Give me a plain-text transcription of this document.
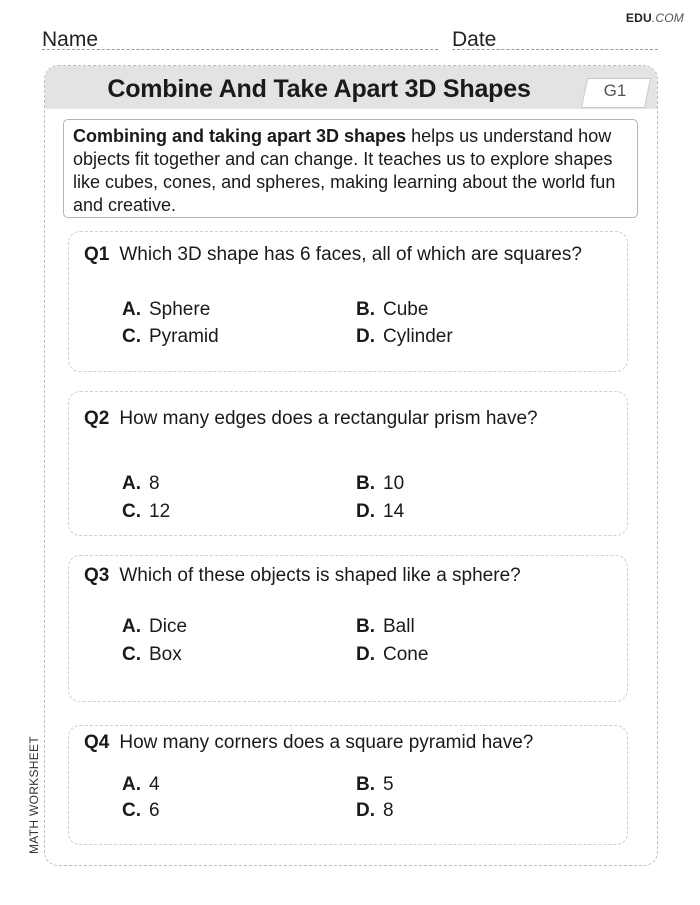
EDU.COM
Name	Date
Combine And Take Apart 3D Shapes	G1
Combining and taking apart 3D shapes helps us understand how objects fit together and can change. It teaches us to explore shapes like cubes, cones, and spheres, making learning about the world fun and creative.
Q1 Which 3D shape has 6 faces, all of which are squares?
A. Sphere	B. Cube
C. Pyramid	D. Cylinder
Q2 How many edges does a rectangular prism have?
A. 8	B. 10
C. 12	D. 14
Q3 Which of these objects is shaped like a sphere?
A. Dice	B. Ball
C. Box	D. Cone
Q4 How many corners does a square pyramid have?
A. 4	B. 5
C. 6	D. 8
MATH WORKSHEET
